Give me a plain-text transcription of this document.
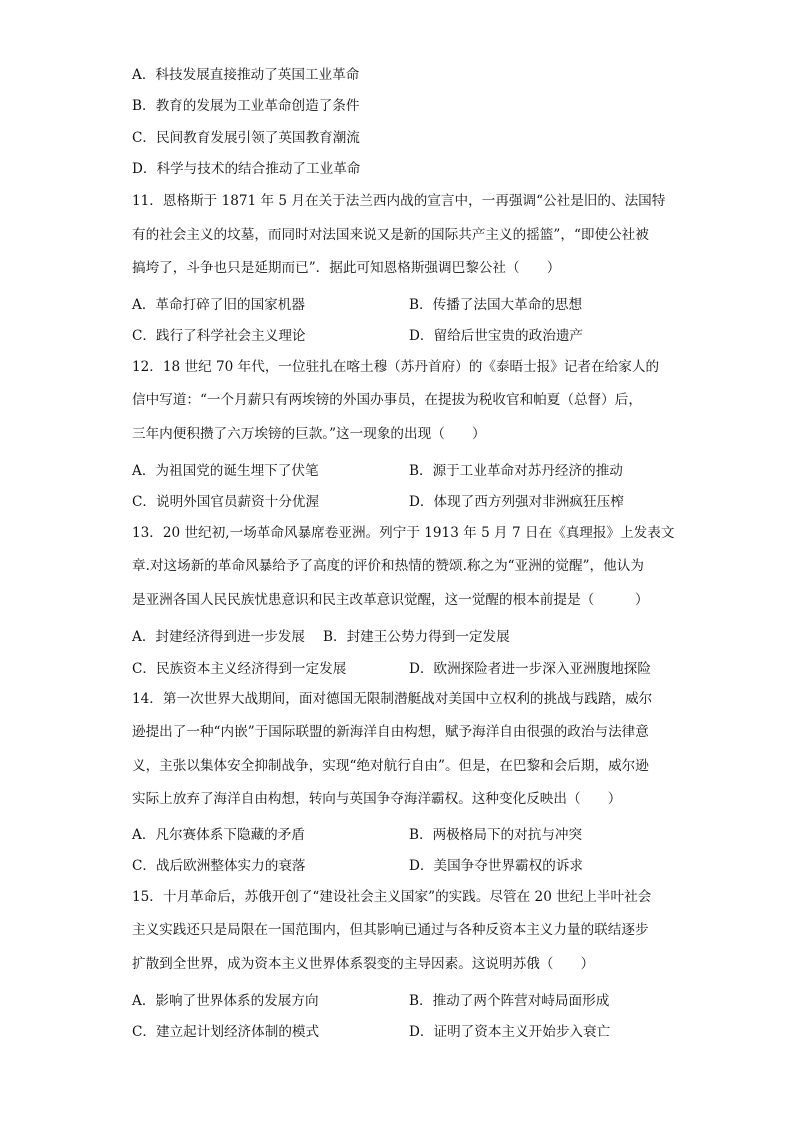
A．科技发展直接推动了英国工业革命
B．教育的发展为工业革命创造了条件
C．民间教育发展引领了英国教育潮流
D．科学与技术的结合推动了工业革命
11．恩格斯于 1871 年 5 月在关于法兰西内战的宣言中，一再强调“公社是旧的、法国特
有的社会主义的坟墓，而同时对法国来说又是新的国际共产主义的摇篮”，“即使公社被
搞垮了，斗争也只是延期而已”．据此可知恩格斯强调巴黎公社（　　）
A．革命打碎了旧的国家机器	B．传播了法国大革命的思想
C．践行了科学社会主义理论	D．留给后世宝贵的政治遗产
12．18 世纪 70 年代，一位驻扎在喀土穆（苏丹首府）的《泰晤士报》记者在给家人的
信中写道：“一个月薪只有两埃镑的外国办事员，在提拔为税收官和帕夏（总督）后，
三年内便积攒了六万埃镑的巨款。”这一现象的出现（　　）
A．为祖国党的诞生埋下了伏笔	B．源于工业革命对苏丹经济的推动
C．说明外国官员薪资十分优渥	D．体现了西方列强对非洲疯狂压榨
13．20 世纪初,一场革命风暴席卷亚洲。列宁于 1913 年 5 月 7 日在《真理报》上发表文
章.对这场新的革命风暴给予了高度的评价和热情的赞颂.称之为“亚洲的觉醒”，他认为
是亚洲各国人民民族忧患意识和民主改革意识觉醒，这一觉醒的根本前提是（　　　）
A．封建经济得到进一步发展 B．封建王公势力得到一定发展
C．民族资本主义经济得到一定发展	D．欧洲探险者进一步深入亚洲腹地探险
14．第一次世界大战期间，面对德国无限制潜艇战对美国中立权利的挑战与践踏，威尔
逊提出了一种“内嵌”于国际联盟的新海洋自由构想，赋予海洋自由很强的政治与法律意
义，主张以集体安全抑制战争，实现“绝对航行自由”。但是，在巴黎和会后期，威尔逊
实际上放弃了海洋自由构想，转向与英国争夺海洋霸权。这种变化反映出（　　）
A．凡尔赛体系下隐藏的矛盾	B．两极格局下的对抗与冲突
C．战后欧洲整体实力的衰落	D．美国争夺世界霸权的诉求
15．十月革命后，苏俄开创了“建设社会主义国家”的实践。尽管在 20 世纪上半叶社会
主义实践还只是局限在一国范围内，但其影响已通过与各种反资本主义力量的联结逐步
扩散到全世界，成为资本主义世界体系裂变的主导因素。这说明苏俄（　　）
A．影响了世界体系的发展方向	B．推动了两个阵营对峙局面形成
C．建立起计划经济体制的模式	D．证明了资本主义开始步入衰亡
